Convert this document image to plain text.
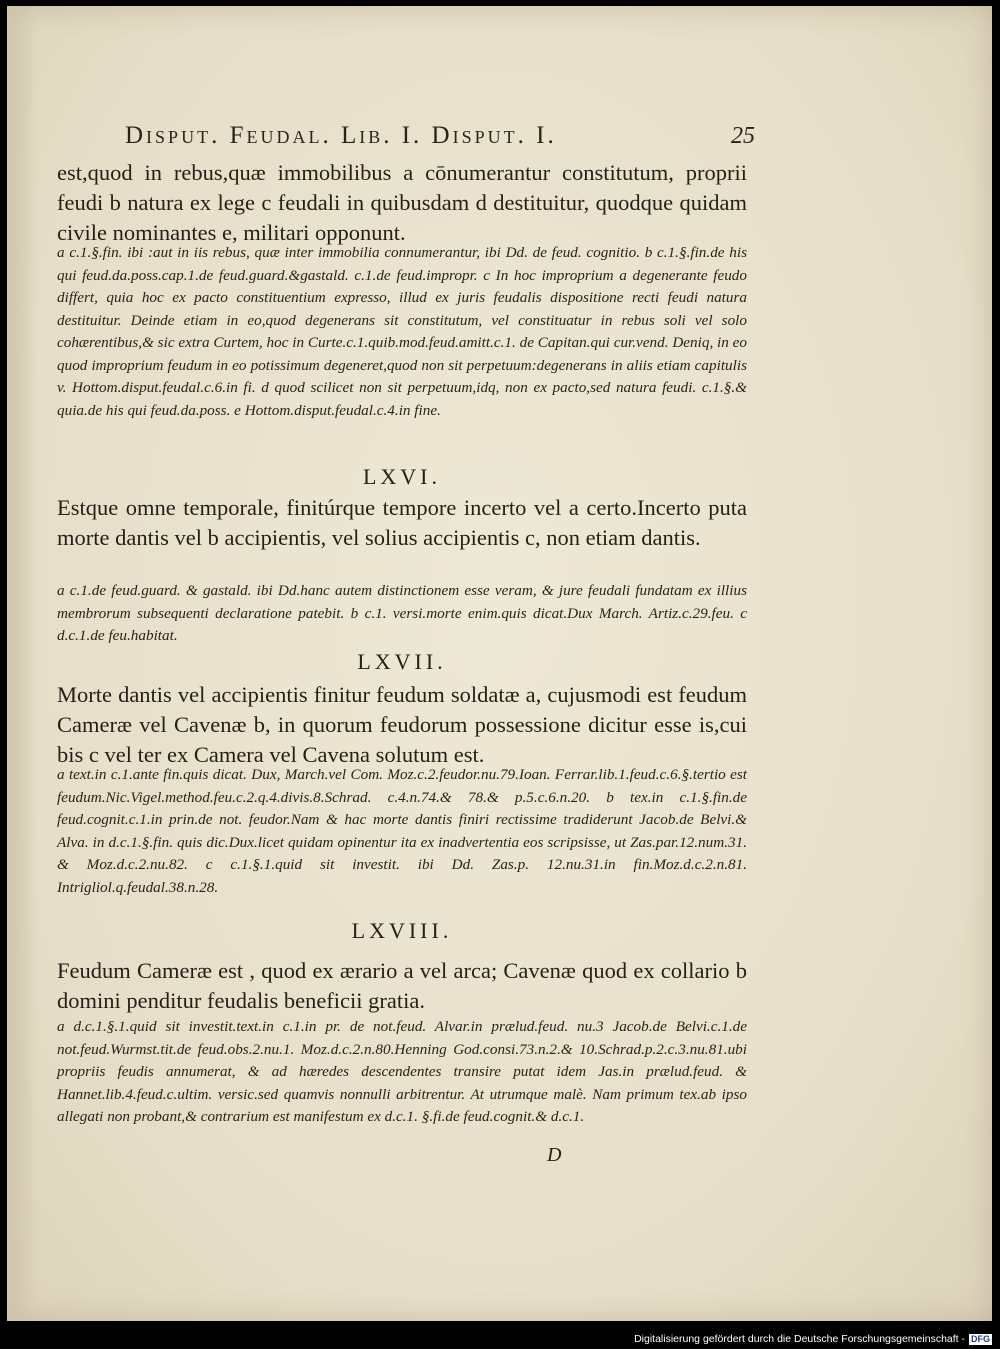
Disput. Feudal. Lib. I. Disput. I.	25

est,quod in rebus,quæ immobilibus a cōnumerantur constitutum, proprii feudi b natura ex lege c feudali in quibusdam d destituitur, quodque quidam civile nominantes e, militari opponunt.

a c.1.§.fin. ibi :aut in iis rebus, quæ inter immobilia connumerantur, ibi Dd. de feud. cognitio. b c.1.§.fin.de his qui feud.da.poss.cap.1.de feud.guard.&gastald. c.1.de feud.impropr. c In hoc improprium a degenerante feudo differt, quia hoc ex pacto constituentium expresso, illud ex juris feudalis dispositione recti feudi natura destituitur. Deinde etiam in eo,quod degenerans sit constitutum, vel constituatur in rebus soli vel solo cohærentibus,& sic extra Curtem, hoc in Curte.c.1.quib.mod.feud.amitt.c.1. de Capitan.qui cur.vend. Deniq, in eo quod improprium feudum in eo potissimum degeneret,quod non sit perpetuum:degenerans in aliis etiam capitulis v. Hottom.disput.feudal.c.6.in fi. d quod scilicet non sit perpetuum,idq, non ex pacto,sed natura feudi. c.1.§.& quia.de his qui feud.da.poss. e Hottom.disput.feudal.c.4.in fine.

LXVI.

Estque omne temporale, finitúrque tempore incerto vel a certo.Incerto puta morte dantis vel b accipientis, vel solius accipientis c, non etiam dantis.

a c.1.de feud.guard. & gastald. ibi Dd.hanc autem distinctionem esse veram, & jure feudali fundatam ex illius membrorum subsequenti declaratione patebit. b c.1. versi.morte enim.quis dicat.Dux March. Artiz.c.29.feu. c d.c.1.de feu.habitat.

LXVII.

Morte dantis vel accipientis finitur feudum soldatæ a, cujusmodi est feudum Cameræ vel Cavenæ b, in quorum feudorum possessione dicitur esse is,cui bis c vel ter ex Camera vel Cavena solutum est.

a text.in c.1.ante fin.quis dicat. Dux, March.vel Com. Moz.c.2.feudor.nu.79.Ioan. Ferrar.lib.1.feud.c.6.§.tertio est feudum.Nic.Vigel.method.feu.c.2.q.4.divis.8.Schrad. c.4.n.74.& 78.& p.5.c.6.n.20. b tex.in c.1.§.fin.de feud.cognit.c.1.in prin.de not. feudor.Nam & hac morte dantis finiri rectissime tradiderunt Jacob.de Belvi.& Alva. in d.c.1.§.fin. quis dic.Dux.licet quidam opinentur ita ex inadvertentia eos scripsisse, ut Zas.par.12.num.31. & Moz.d.c.2.nu.82. c c.1.§.1.quid sit investit. ibi Dd. Zas.p. 12.nu.31.in fin.Moz.d.c.2.n.81. Intrigliol.q.feudal.38.n.28.

LXVIII.

Feudum Cameræ est , quod ex ærario a vel arca; Cavenæ quod ex collario b domini penditur feudalis beneficii gratia.

a d.c.1.§.1.quid sit investit.text.in c.1.in pr. de not.feud. Alvar.in prælud.feud. nu.3 Jacob.de Belvi.c.1.de not.feud.Wurmst.tit.de feud.obs.2.nu.1. Moz.d.c.2.n.80.Henning God.consi.73.n.2.& 10.Schrad.p.2.c.3.nu.81.ubi propriis feudis annumerat, & ad hæredes descendentes transire putat idem Jas.in prælud.feud. & Hannet.lib.4.feud.c.ultim. versic.sed quamvis nonnulli arbitrentur. At utrumque malè. Nam primum tex.ab ipso allegati non probant,& contrarium est manifestum ex d.c.1. §.fi.de feud.cognit.& d.c.1.

D
Digitalisierung gefördert durch die Deutsche Forschungsgemeinschaft - DFG
